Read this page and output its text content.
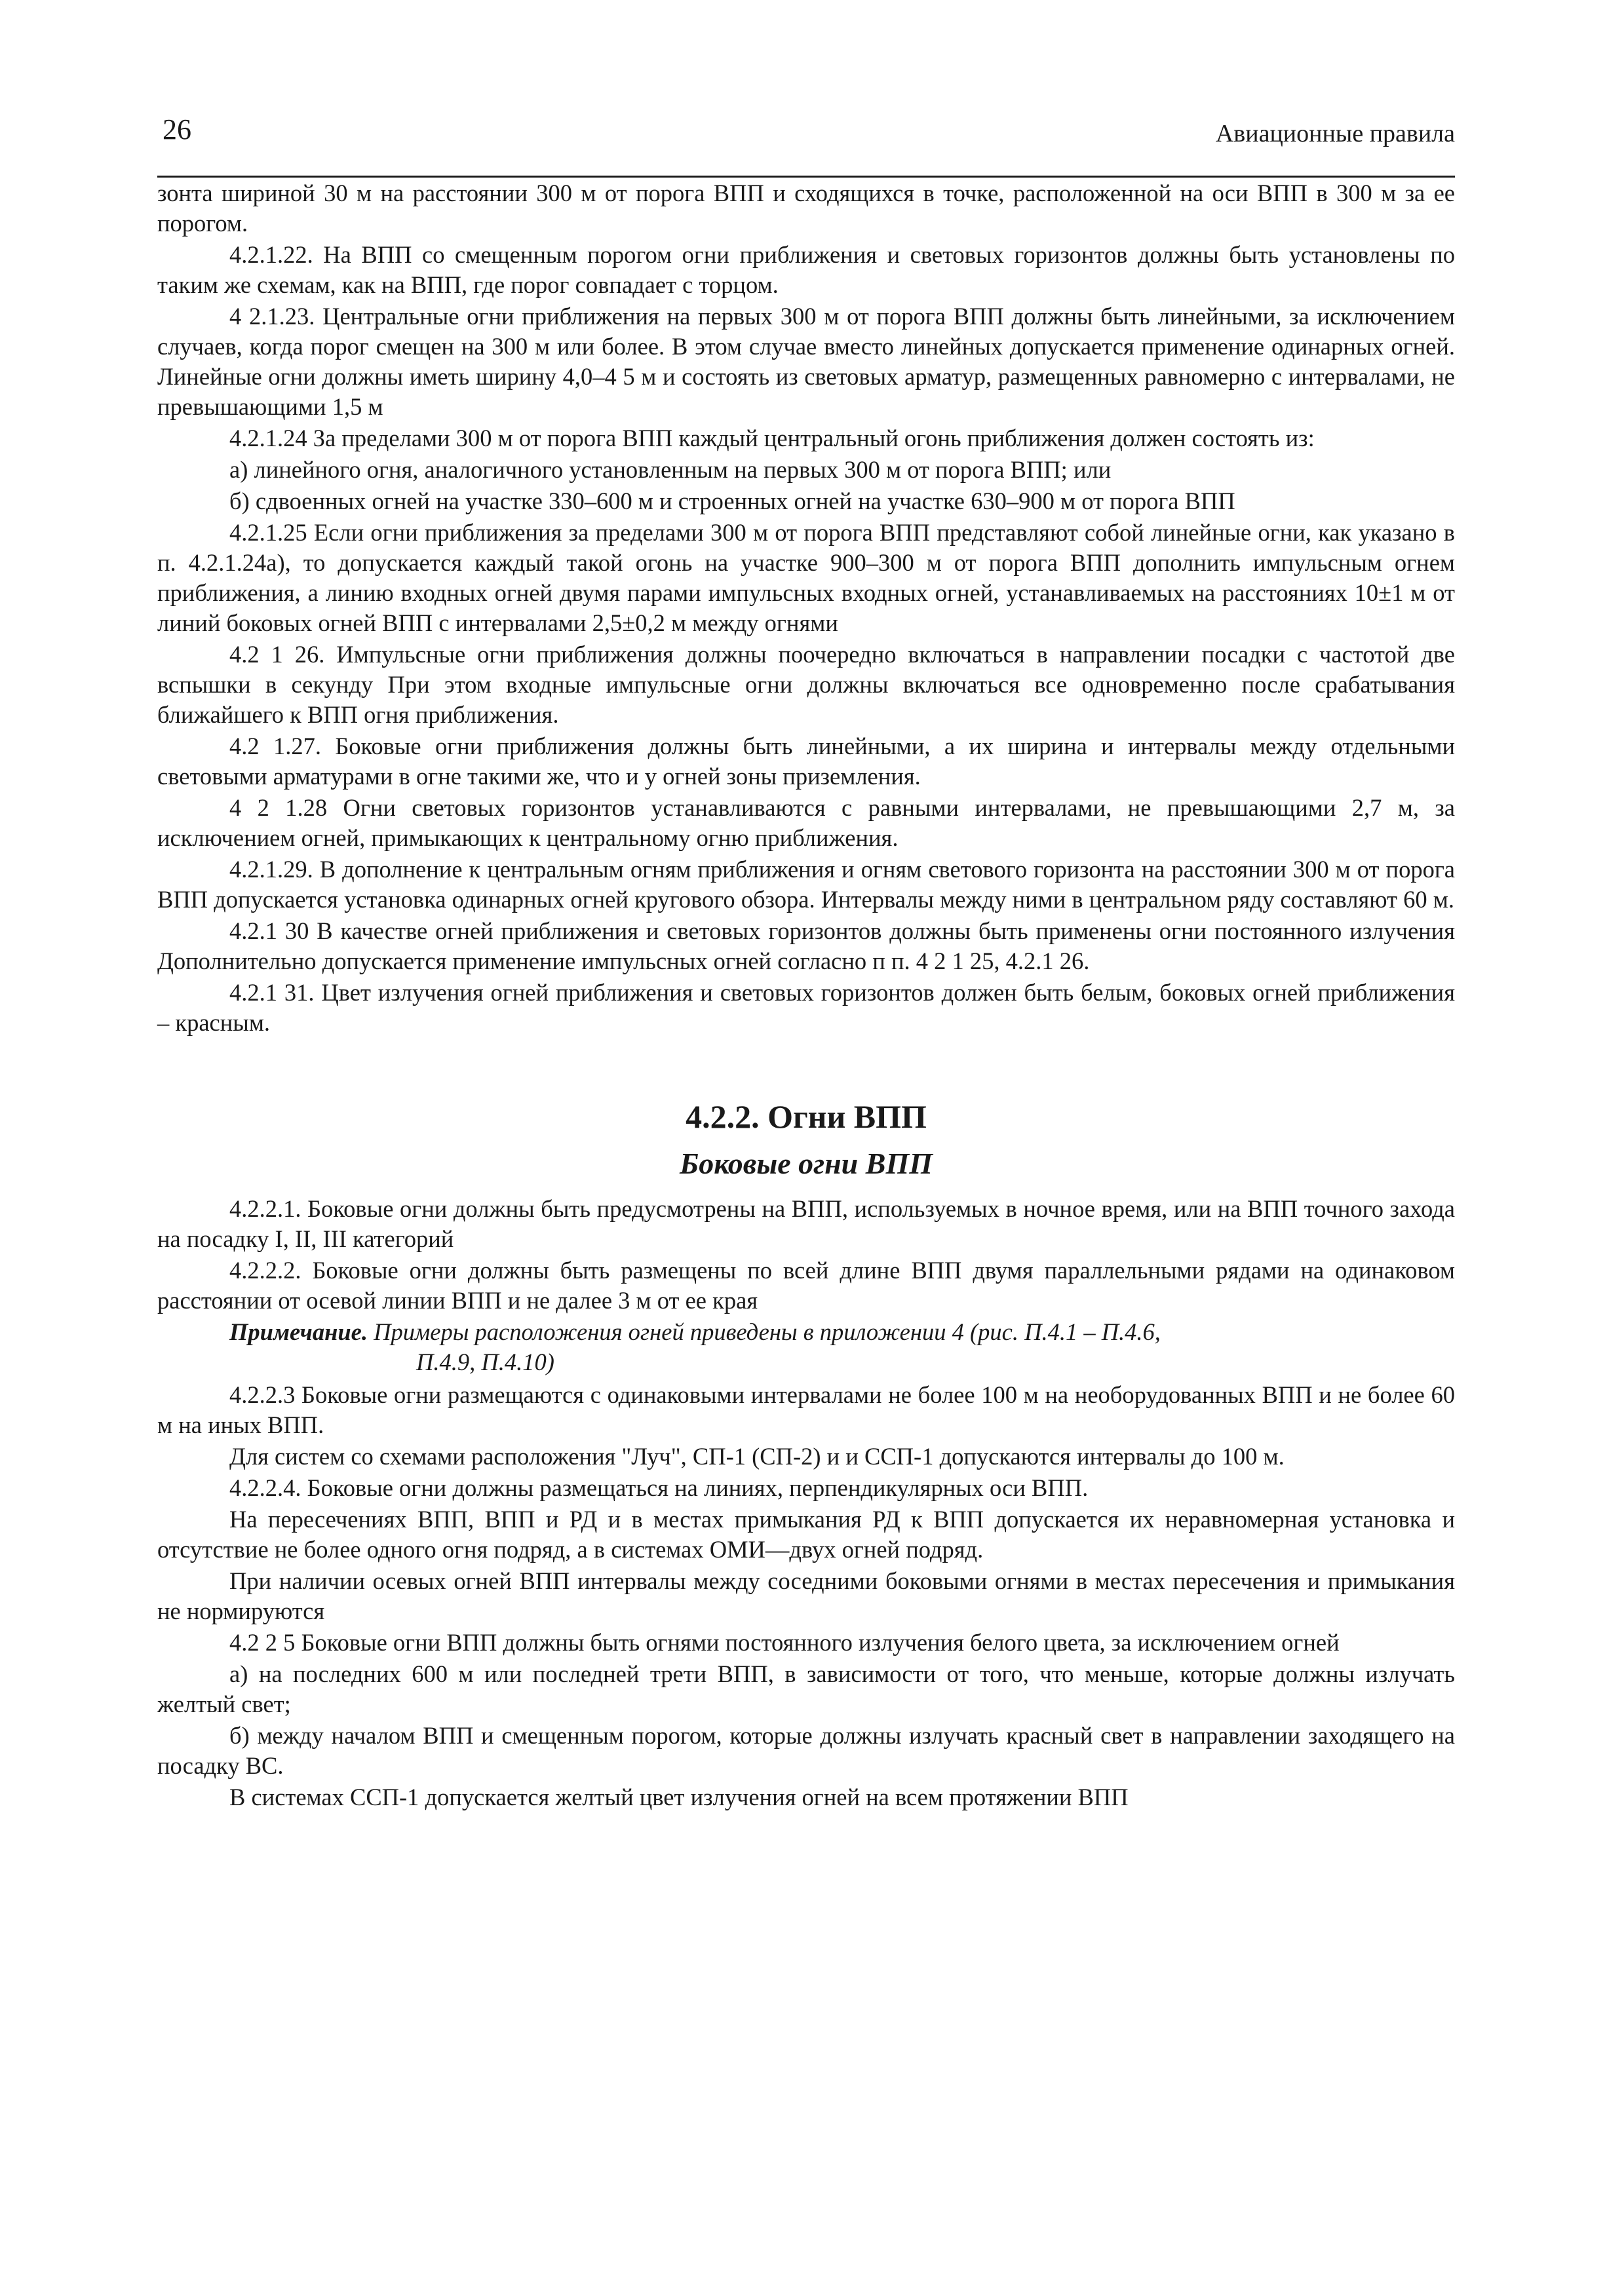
26	Авиационные правила

зонта шириной 30 м на расстоянии 300 м от порога ВПП и сходящихся в точке, расположенной на оси ВПП в 300 м за ее порогом.

4.2.1.22. На ВПП со смещенным порогом огни приближения и световых горизонтов должны быть установлены по таким же схемам, как на ВПП, где порог совпадает с торцом.

4 2.1.23. Центральные огни приближения на первых 300 м от порога ВПП должны быть линейными, за исключением случаев, когда порог смещен на 300 м или более. В этом случае вместо линейных допускается применение одинарных огней. Линейные огни должны иметь ширину 4,0–4 5 м и состоять из световых арматур, размещенных равномерно с интервалами, не превышающими 1,5 м

4.2.1.24 За пределами 300 м от порога ВПП каждый центральный огонь приближения должен состоять из:

а) линейного огня, аналогичного установленным на первых 300 м от порога ВПП; или

б) сдвоенных огней на участке 330–600 м и строенных огней на участке 630–900 м от порога ВПП

4.2.1.25 Если огни приближения за пределами 300 м от порога ВПП представляют собой линейные огни, как указано в п. 4.2.1.24а), то допускается каждый такой огонь на участке 900–300 м от порога ВПП дополнить импульсным огнем приближения, а линию входных огней двумя парами импульсных входных огней, устанавливаемых на расстояниях 10±1 м от линий боковых огней ВПП с интервалами 2,5±0,2 м между огнями

4.2 1 26. Импульсные огни приближения должны поочередно включаться в направлении посадки с частотой две вспышки в секунду При этом входные импульсные огни должны включаться все одновременно после срабатывания ближайшего к ВПП огня приближения.

4.2 1.27. Боковые огни приближения должны быть линейными, а их ширина и интервалы между отдельными световыми арматурами в огне такими же, что и у огней зоны приземления.

4 2 1.28 Огни световых горизонтов устанавливаются с равными интервалами, не превышающими 2,7 м, за исключением огней, примыкающих к центральному огню приближения.

4.2.1.29. В дополнение к центральным огням приближения и огням светового горизонта на расстоянии 300 м от порога ВПП допускается установка одинарных огней кругового обзора. Интервалы между ними в центральном ряду составляют 60 м.

4.2.1 30 В качестве огней приближения и световых горизонтов должны быть применены огни постоянного излучения Дополнительно допускается применение импульсных огней согласно п п. 4 2 1 25, 4.2.1 26.

4.2.1 31. Цвет излучения огней приближения и световых горизонтов должен быть белым, боковых огней приближения – красным.

4.2.2. Огни ВПП
Боковые огни ВПП

4.2.2.1. Боковые огни должны быть предусмотрены на ВПП, используемых в ночное время, или на ВПП точного захода на посадку I, II, III категорий

4.2.2.2. Боковые огни должны быть размещены по всей длине ВПП двумя параллельными рядами на одинаковом расстоянии от осевой линии ВПП и не далее 3 м от ее края

Примечание. Примеры расположения огней приведены в приложении 4 (рис. П.4.1 – П.4.6,
П.4.9, П.4.10)

4.2.2.3 Боковые огни размещаются с одинаковыми интервалами не более 100 м на необорудованных ВПП и не более 60 м на иных ВПП.

Для систем со схемами расположения "Луч", СП-1 (СП-2) и и ССП-1 допускаются интервалы до 100 м.

4.2.2.4. Боковые огни должны размещаться на линиях, перпендикулярных оси ВПП.

На пересечениях ВПП, ВПП и РД и в местах примыкания РД к ВПП допускается их неравномерная установка и отсутствие не более одного огня подряд, а в системах ОМИ—двух огней подряд.

При наличии осевых огней ВПП интервалы между соседними боковыми огнями в местах пересечения и примыкания не нормируются

4.2 2 5 Боковые огни ВПП должны быть огнями постоянного излучения белого цвета, за исключением огней

а) на последних 600 м или последней трети ВПП, в зависимости от того, что меньше, которые должны излучать желтый свет;

б) между началом ВПП и смещенным порогом, которые должны излучать красный свет в направлении заходящего на посадку ВС.

В системах ССП-1 допускается желтый цвет излучения огней на всем протяжении ВПП
